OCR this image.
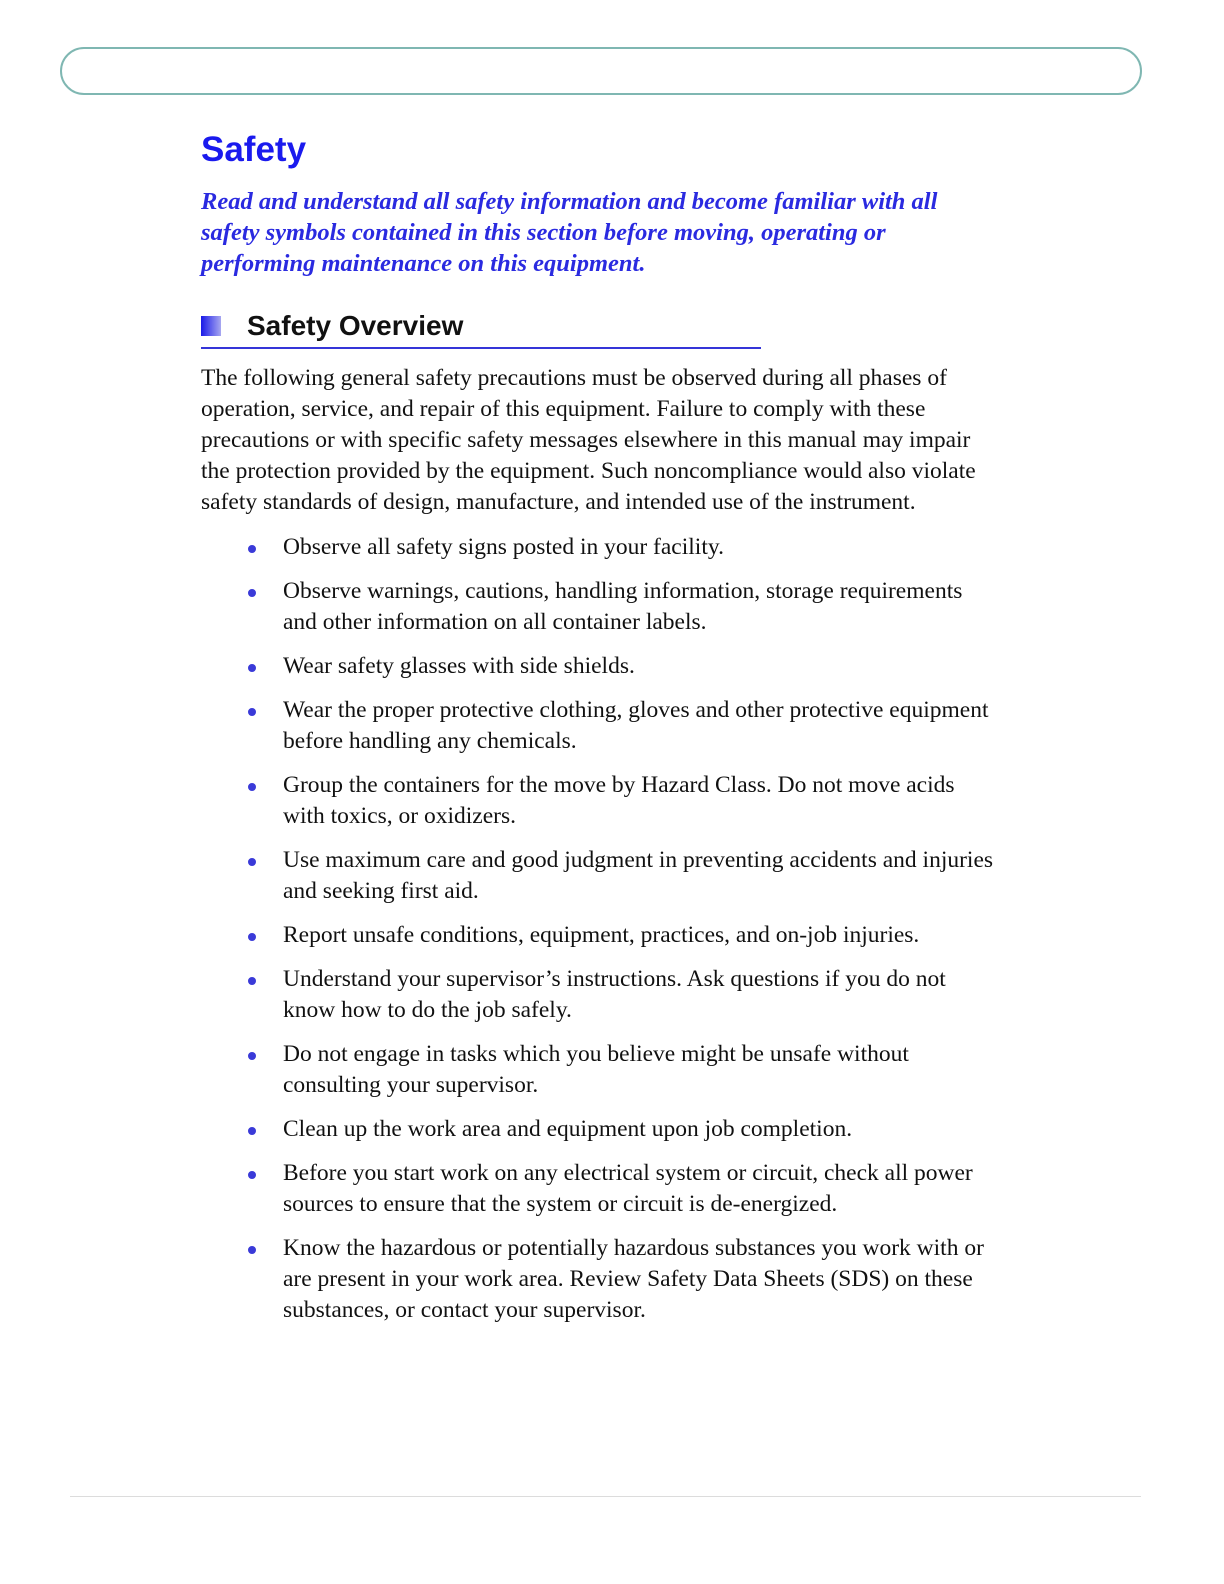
Safety

Read and understand all safety information and become familiar with all safety symbols contained in this section before moving, operating or performing maintenance on this equipment.

Safety Overview

The following general safety precautions must be observed during all phases of operation, service, and repair of this equipment. Failure to comply with these precautions or with specific safety messages elsewhere in this manual may impair the protection provided by the equipment. Such noncompliance would also violate safety standards of design, manufacture, and intended use of the instrument.

Observe all safety signs posted in your facility.
Observe warnings, cautions, handling information, storage requirements and other information on all container labels.
Wear safety glasses with side shields.
Wear the proper protective clothing, gloves and other protective equipment before handling any chemicals.
Group the containers for the move by Hazard Class. Do not move acids with toxics, or oxidizers.
Use maximum care and good judgment in preventing accidents and injuries and seeking first aid.
Report unsafe conditions, equipment, practices, and on-job injuries.
Understand your supervisor’s instructions. Ask questions if you do not know how to do the job safely.
Do not engage in tasks which you believe might be unsafe without consulting your supervisor.
Clean up the work area and equipment upon job completion.
Before you start work on any electrical system or circuit, check all power sources to ensure that the system or circuit is de-energized.
Know the hazardous or potentially hazardous substances you work with or are present in your work area. Review Safety Data Sheets (SDS) on these substances, or contact your supervisor.
